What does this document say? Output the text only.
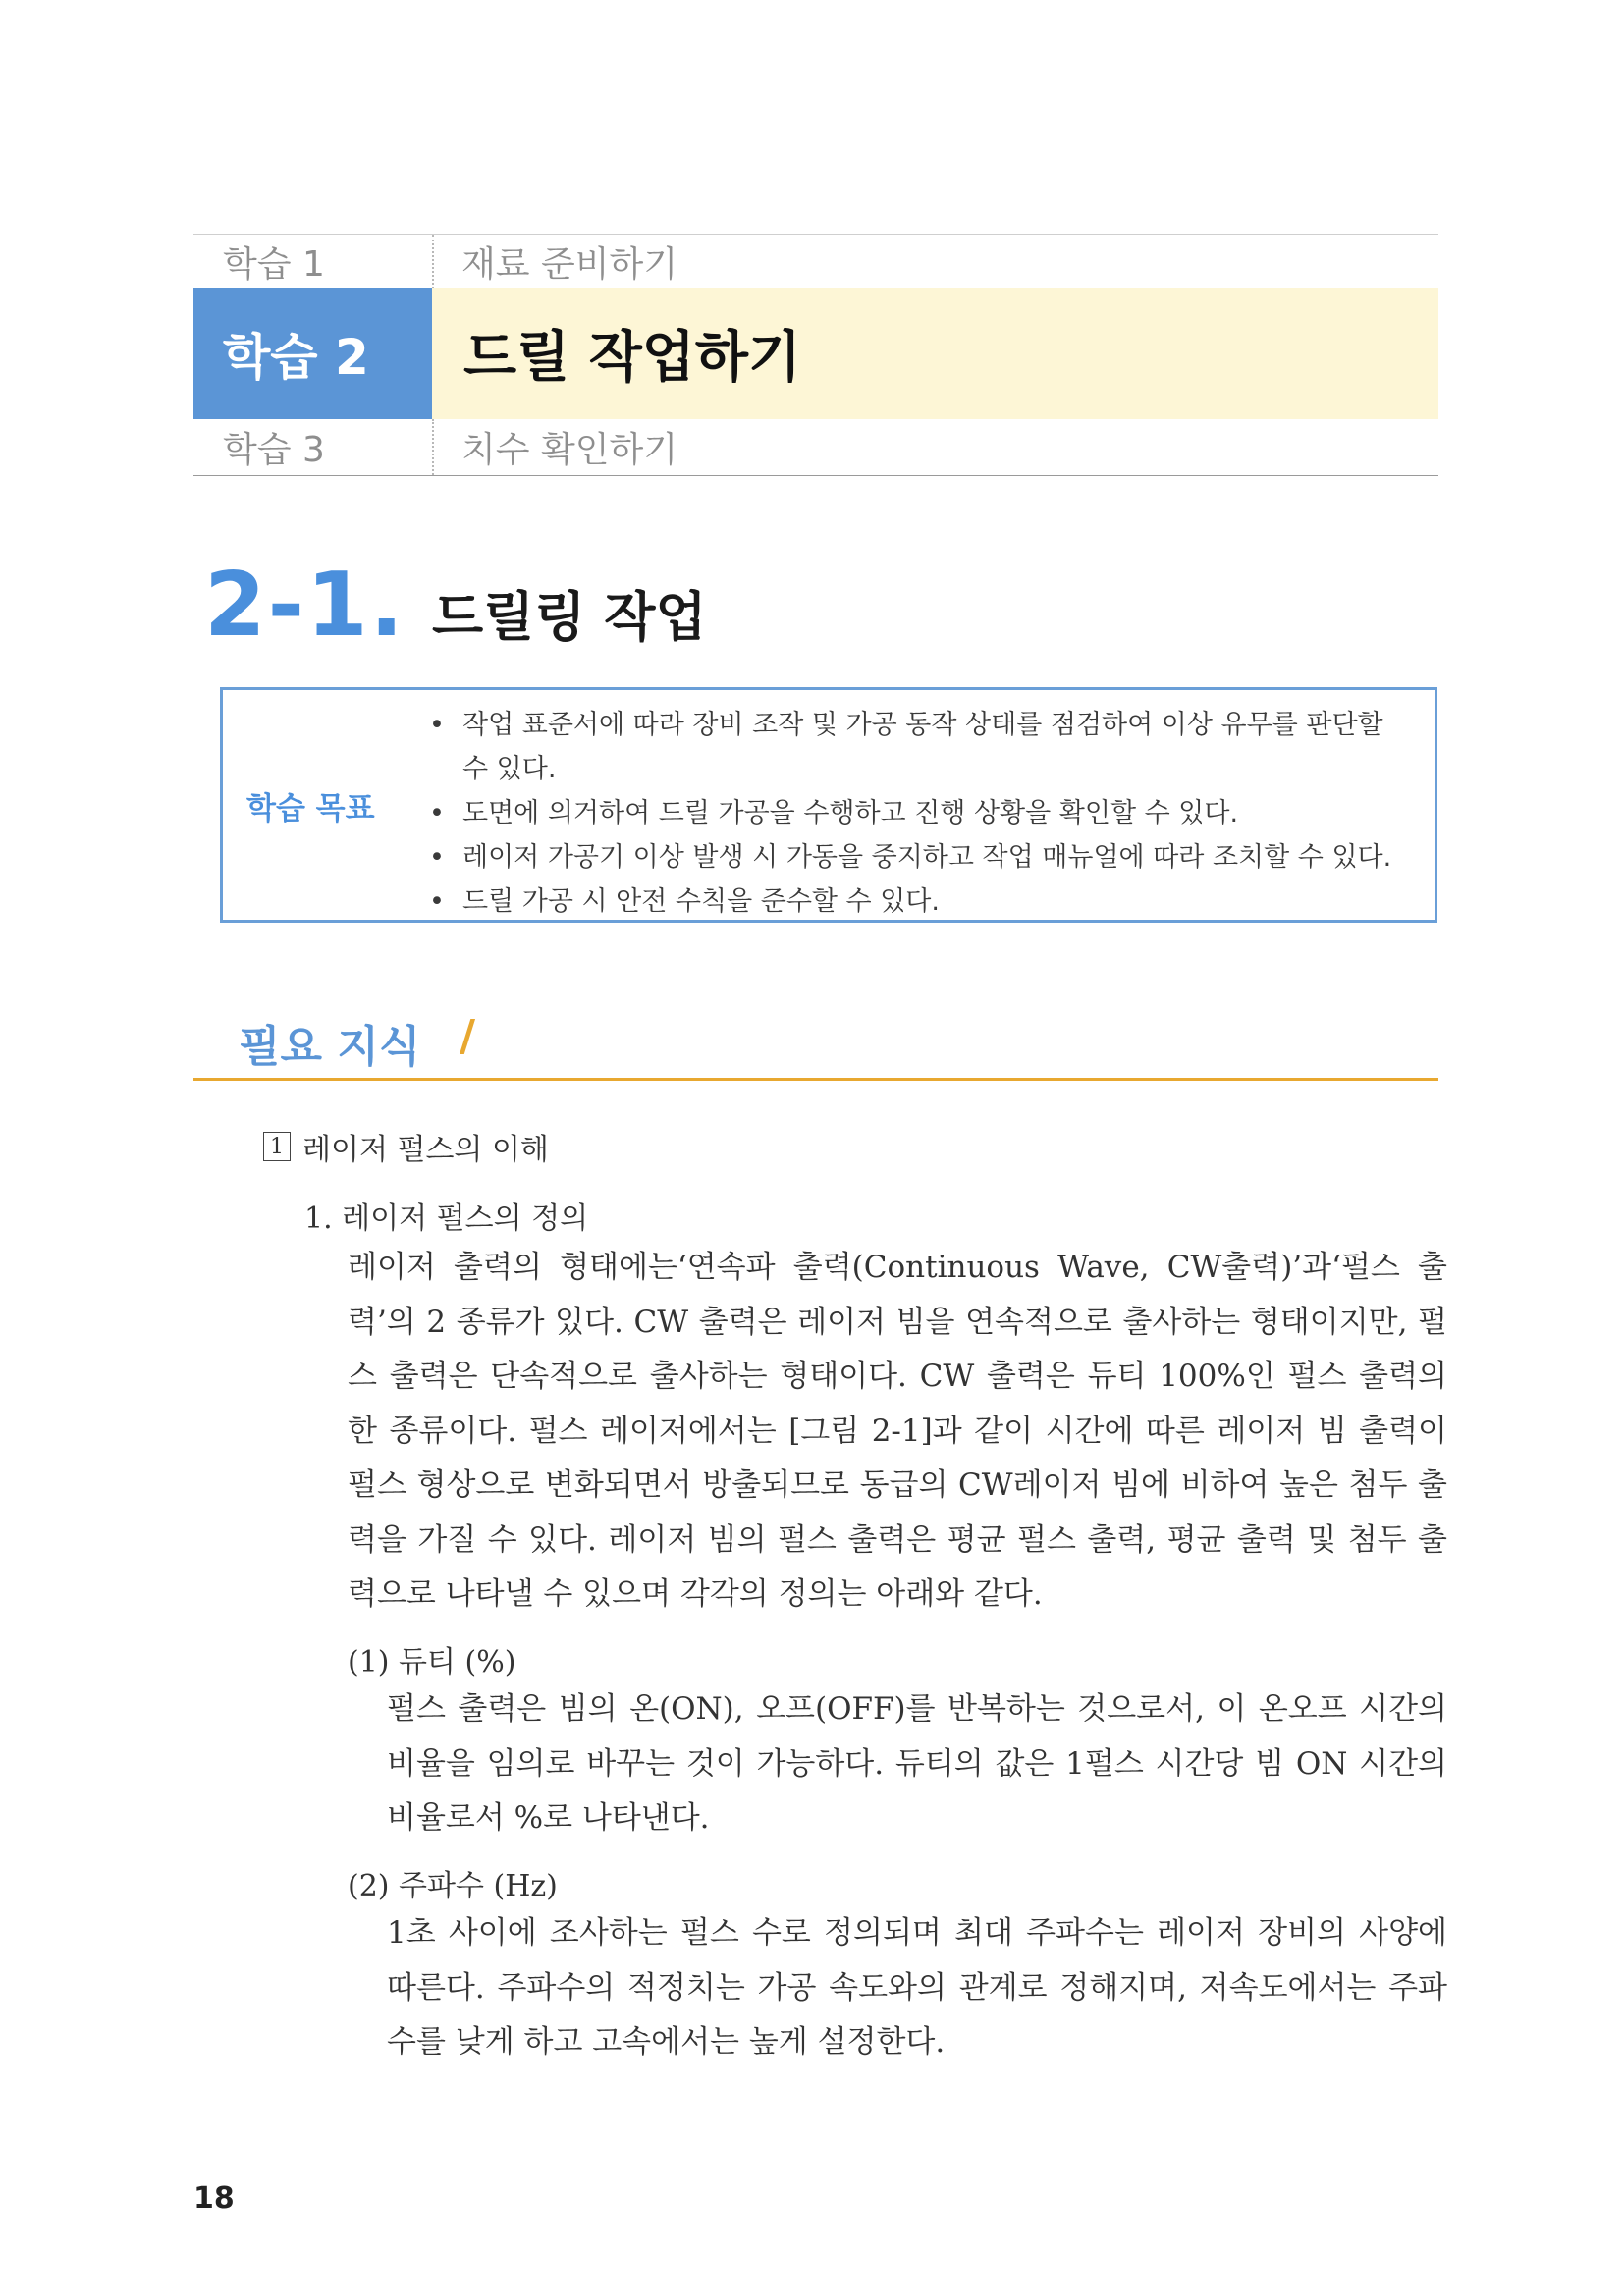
학습 1	재료 준비하기
학습 2	드릴 작업하기
학습 3	치수 확인하기
2-1. 드릴링 작업
학습 목표
• 작업 표준서에 따라 장비 조작 및 가공 동작 상태를 점검하여 이상 유무를 판단할 수 있다.
• 도면에 의거하여 드릴 가공을 수행하고 진행 상황을 확인할 수 있다.
• 레이저 가공기 이상 발생 시 가동을 중지하고 작업 매뉴얼에 따라 조치할 수 있다.
• 드릴 가공 시 안전 수칙을 준수할 수 있다.
필요 지식 /
1 레이저 펄스의 이해
1. 레이저 펄스의 정의
레이저 출력의 형태에는‘연속파 출력(Continuous Wave, CW출력)’과‘펄스 출력’의 2 종류가 있다. CW 출력은 레이저 빔을 연속적으로 출사하는 형태이지만, 펄스 출력은 단속적으로 출사하는 형태이다. CW 출력은 듀티 100%인 펄스 출력의 한 종류이다. 펄스 레이저에서는 [그림 2-1]과 같이 시간에 따른 레이저 빔 출력이 펄스 형상으로 변화되면서 방출되므로 동급의 CW레이저 빔에 비하여 높은 첨두 출력을 가질 수 있다. 레이저 빔의 펄스 출력은 평균 펄스 출력, 평균 출력 및 첨두 출력으로 나타낼 수 있으며 각각의 정의는 아래와 같다.
(1) 듀티 (%)
펄스 출력은 빔의 온(ON), 오프(OFF)를 반복하는 것으로서, 이 온오프 시간의 비율을 임의로 바꾸는 것이 가능하다. 듀티의 값은 1펄스 시간당 빔 ON 시간의 비율로서 %로 나타낸다.
(2) 주파수 (Hz)
1초 사이에 조사하는 펄스 수로 정의되며 최대 주파수는 레이저 장비의 사양에 따른다. 주파수의 적정치는 가공 속도와의 관계로 정해지며, 저속도에서는 주파수를 낮게 하고 고속에서는 높게 설정한다.
18
